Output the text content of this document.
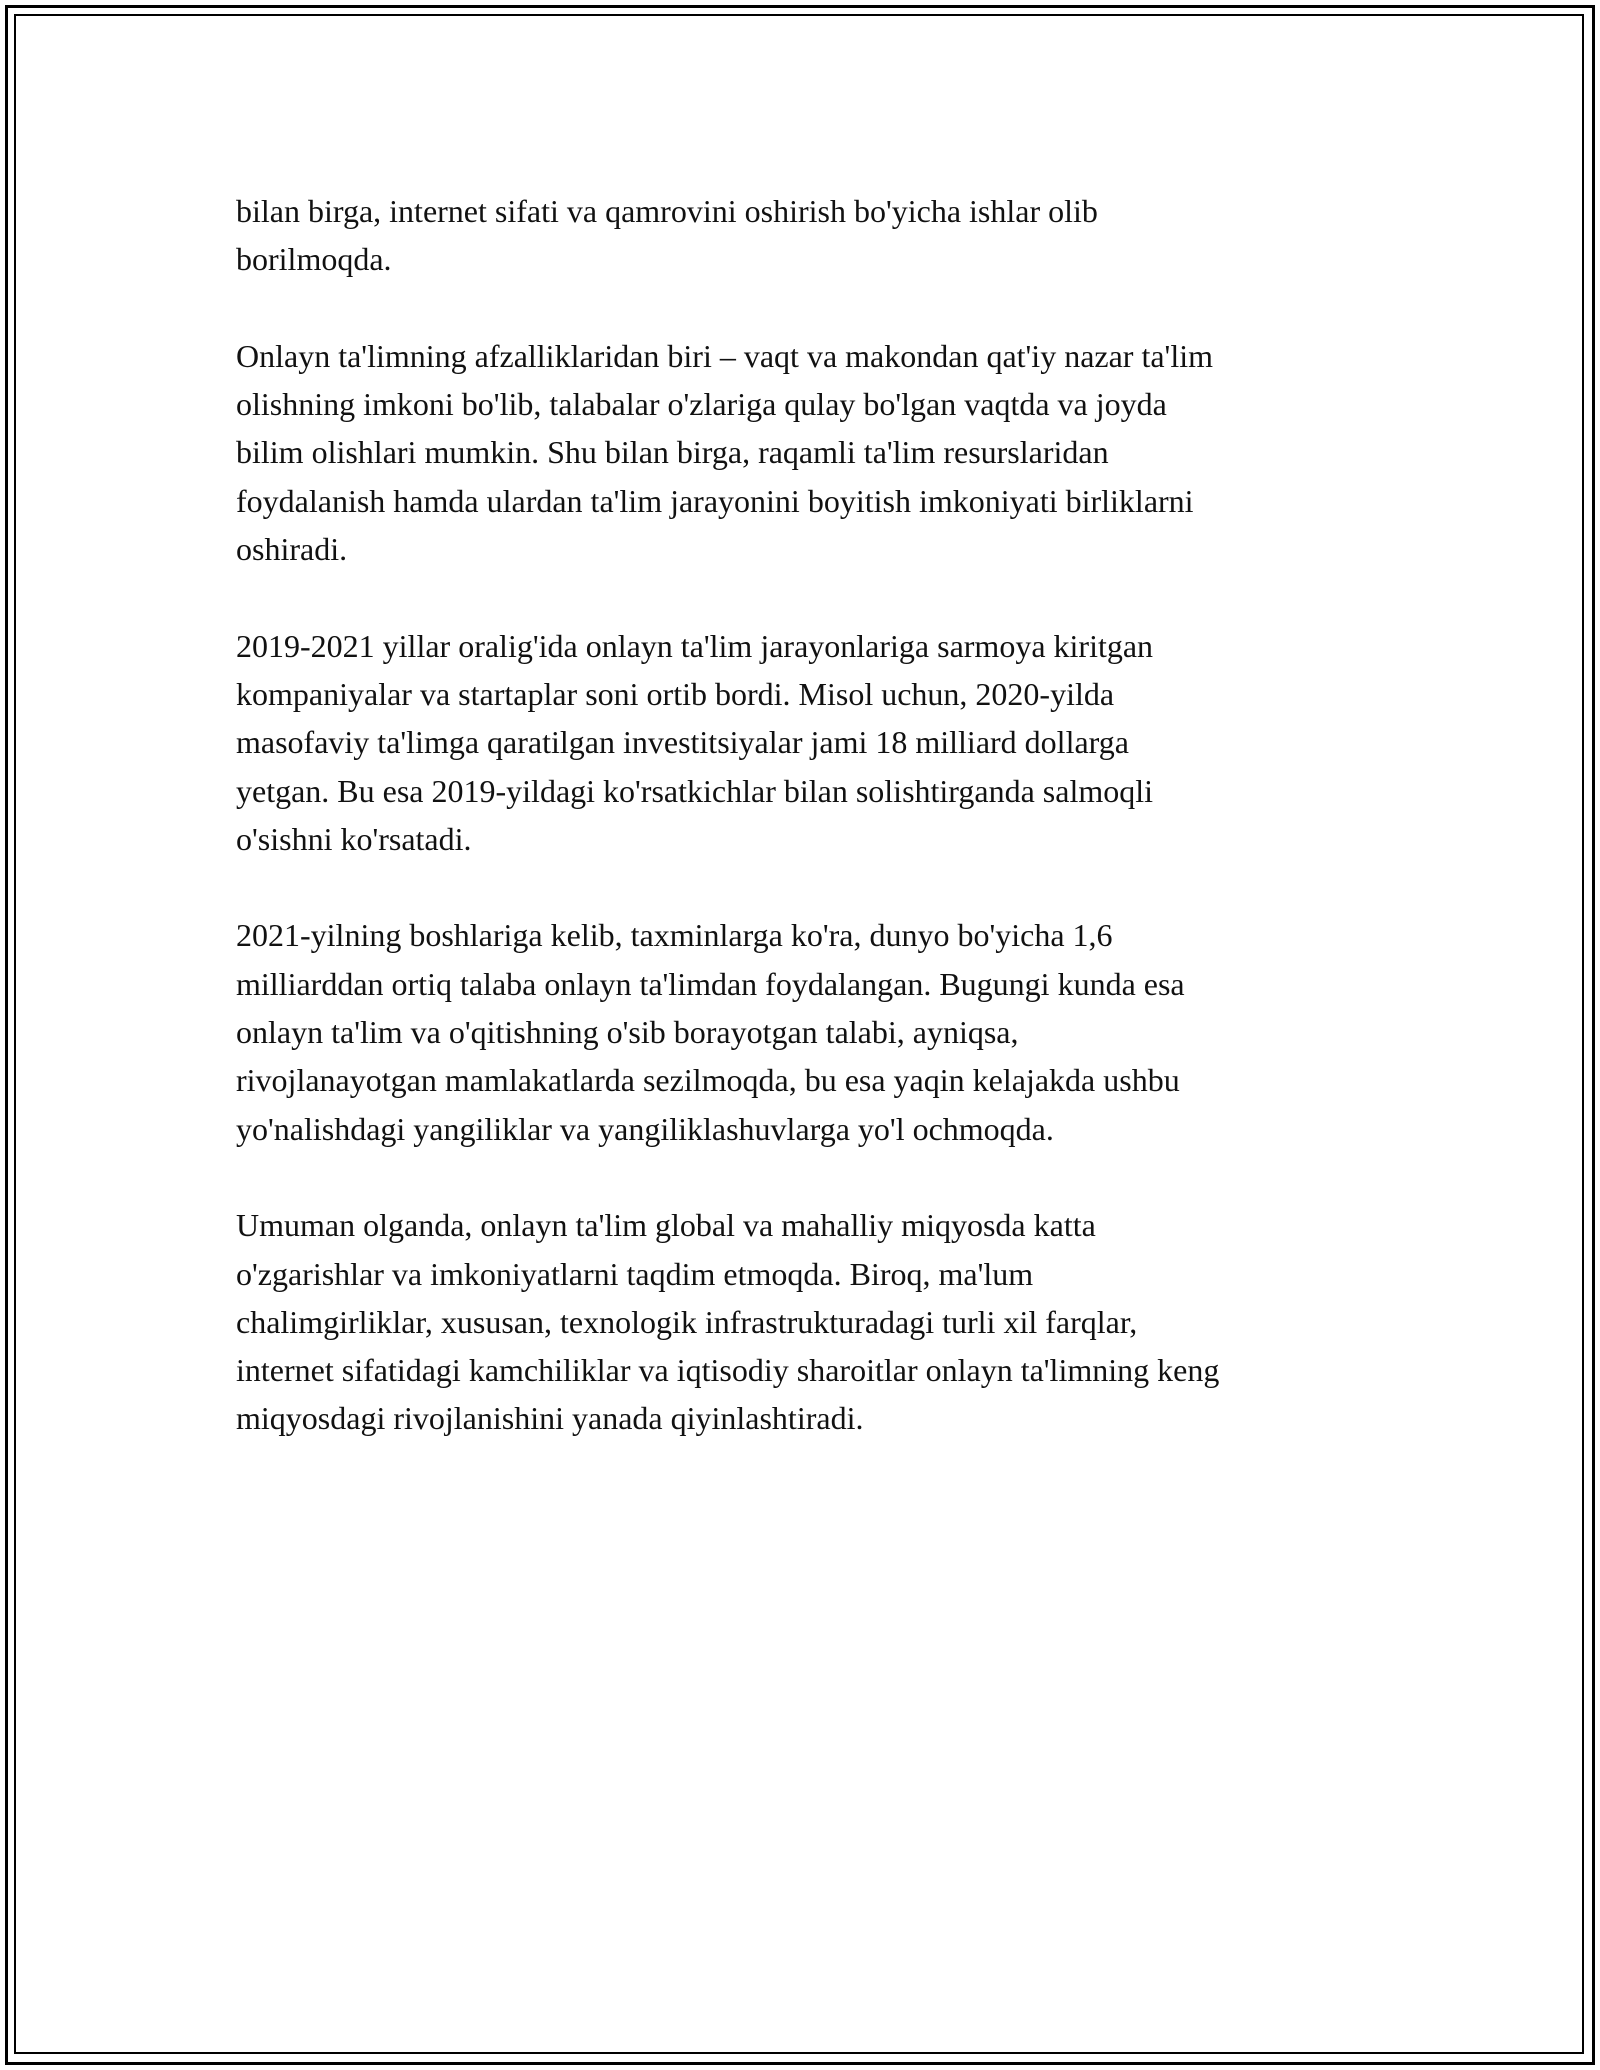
bilan birga, internet sifati va qamrovini oshirish bo'yicha ishlar olib
borilmoqda.

Onlayn ta'limning afzalliklaridan biri – vaqt va makondan qat'iy nazar ta'lim
olishning imkoni bo'lib, talabalar o'zlariga qulay bo'lgan vaqtda va joyda
bilim olishlari mumkin. Shu bilan birga, raqamli ta'lim resurslaridan
foydalanish hamda ulardan ta'lim jarayonini boyitish imkoniyati birliklarni
oshiradi.

2019-2021 yillar oralig'ida onlayn ta'lim jarayonlariga sarmoya kiritgan
kompaniyalar va startaplar soni ortib bordi. Misol uchun, 2020-yilda
masofaviy ta'limga qaratilgan investitsiyalar jami 18 milliard dollarga
yetgan. Bu esa 2019-yildagi ko'rsatkichlar bilan solishtirganda salmoqli
o'sishni ko'rsatadi.

2021-yilning boshlariga kelib, taxminlarga ko'ra, dunyo bo'yicha 1,6
milliarddan ortiq talaba onlayn ta'limdan foydalangan. Bugungi kunda esa
onlayn ta'lim va o'qitishning o'sib borayotgan talabi, ayniqsa,
rivojlanayotgan mamlakatlarda sezilmoqda, bu esa yaqin kelajakda ushbu
yo'nalishdagi yangiliklar va yangiliklashuvlarga yo'l ochmoqda.

Umuman olganda, onlayn ta'lim global va mahalliy miqyosda katta
o'zgarishlar va imkoniyatlarni taqdim etmoqda. Biroq, ma'lum
chalimgirliklar, xususan, texnologik infrastrukturadagi turli xil farqlar,
internet sifatidagi kamchiliklar va iqtisodiy sharoitlar onlayn ta'limning keng
miqyosdagi rivojlanishini yanada qiyinlashtiradi.
